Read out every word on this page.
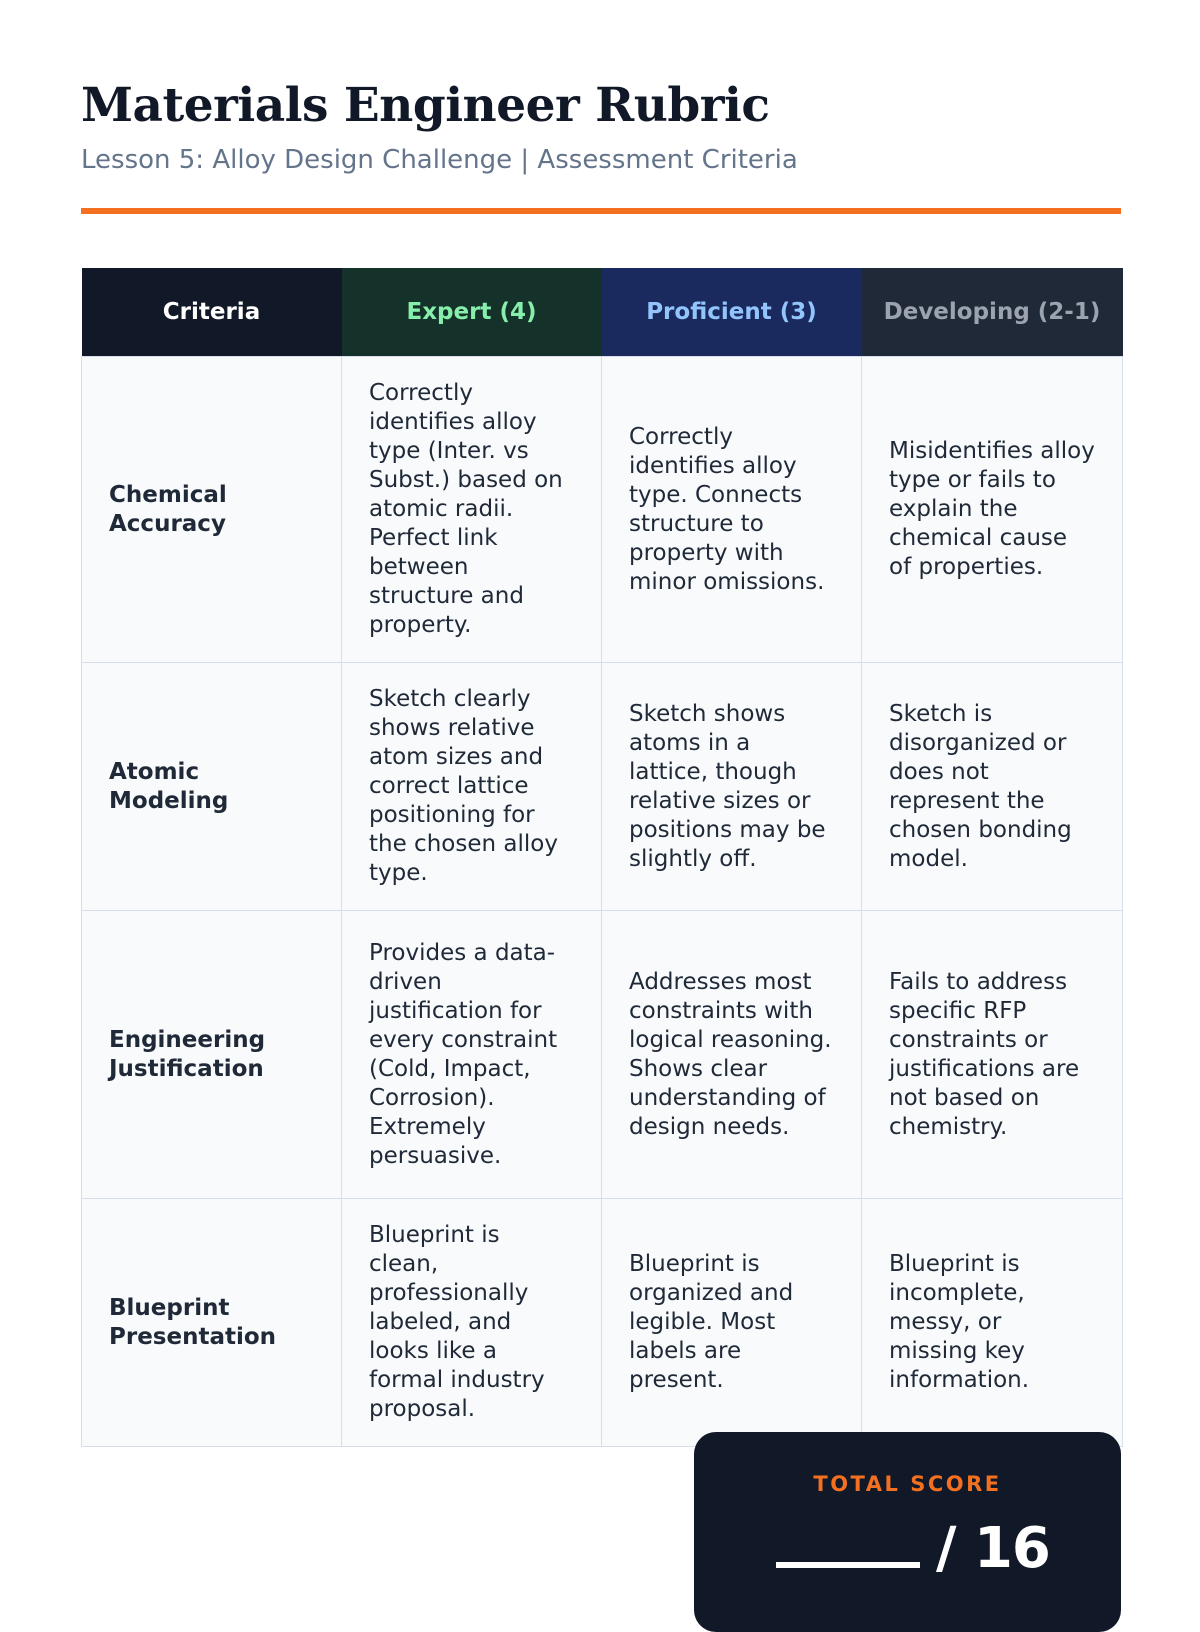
Materials Engineer Rubric

Lesson 5: Alloy Design Challenge | Assessment Criteria

Criteria	Expert (4)	Proficient (3)	Developing (2-1)
Chemical Accuracy	Correctly identifies alloy type (Inter. vs Subst.) based on atomic radii. Perfect link between structure and property.	Correctly identifies alloy type. Connects structure to property with minor omissions.	Misidentifies alloy type or fails to explain the chemical cause of properties.
Atomic Modeling	Sketch clearly shows relative atom sizes and correct lattice positioning for the chosen alloy type.	Sketch shows atoms in a lattice, though relative sizes or positions may be slightly off.	Sketch is disorganized or does not represent the chosen bonding model.
Engineering Justification	Provides a data-driven justification for every constraint (Cold, Impact, Corrosion). Extremely persuasive.	Addresses most constraints with logical reasoning. Shows clear understanding of design needs.	Fails to address specific RFP constraints or justifications are not based on chemistry.
Blueprint Presentation	Blueprint is clean, professionally labeled, and looks like a formal industry proposal.	Blueprint is organized and legible. Most labels are present.	Blueprint is incomplete, messy, or missing key information.
TOTAL SCORE
/ 16
